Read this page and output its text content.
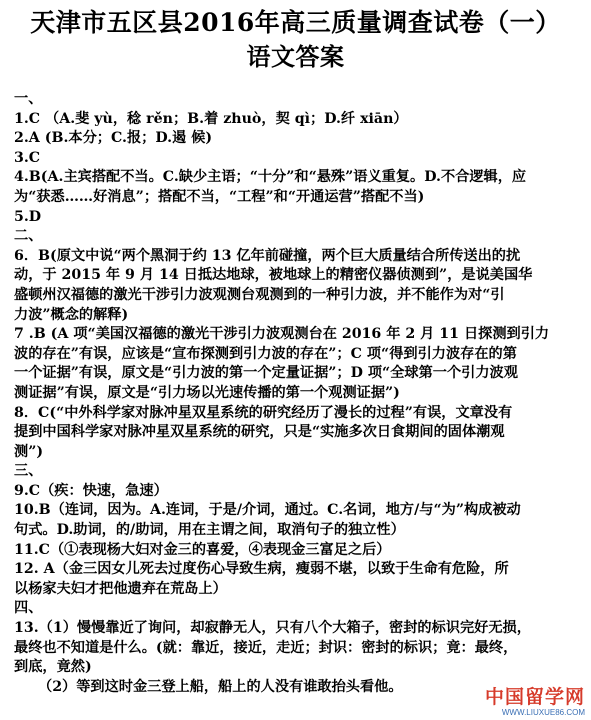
天津市五区县2016年高三质量调查试卷（一）

语文答案

一、

1.C （A.斐 yù，稔 rěn；B.着 zhuò，契 qì；D.纤 xiān）

2.A (B.本分；C.报；D.遏 候)

3.C

4.B(A.主宾搭配不当。C.缺少主语；“十分”和“悬殊”语义重复。D.不合逻辑，应

为“获悉……好消息”；搭配不当，“工程”和“开通运营”搭配不当)

5.D

二、

6．B(原文中说“两个黑洞于约 13 亿年前碰撞，两个巨大质量结合所传送出的扰

动，于 2015 年 9 月 14 日抵达地球，被地球上的精密仪器侦测到”，是说美国华

盛顿州汉福德的激光干涉引力波观测台观测到的一种引力波，并不能作为对“引

力波”概念的解释)

7 .B (A 项“美国汉福德的激光干涉引力波观测台在 2016 年 2 月 11 日探测到引力

波的存在”有误，应该是“宣布探测到引力波的存在”；C 项“得到引力波存在的第

一个证据”有误，原文是“引力波的第一个定量证据”；D 项“全球第一个引力波观

测证据”有误，原文是“引力场以光速传播的第一个观测证据”)

8．C(“中外科学家对脉冲星双星系统的研究经历了漫长的过程”有误，文章没有

提到中国科学家对脉冲星双星系统的研究，只是“实施多次日食期间的固体潮观

测”)

三、

9.C（疾：快速，急速）

10.B（连词，因为。A.连词，于是/介词，通过。C.名词，地方/与“为”构成被动

句式。D.助词，的/助词，用在主谓之间，取消句子的独立性）

11.C（①表现杨大妇对金三的喜爱，④表现金三富足之后）

12. A（金三因女儿死去过度伤心导致生病，瘦弱不堪，以致于生命有危险，所

以杨家夫妇才把他遗弃在荒岛上）

四、

13.（1）慢慢靠近了询问，却寂静无人，只有八个大箱子，密封的标识完好无损，

最终也不知道是什么。(就：靠近，接近，走近；封识：密封的标识；竟：最终，

到底，竟然)

（2）等到这时金三登上船，船上的人没有谁敢抬头看他。

中国留学网
WWW.LIUXUE86.COM
